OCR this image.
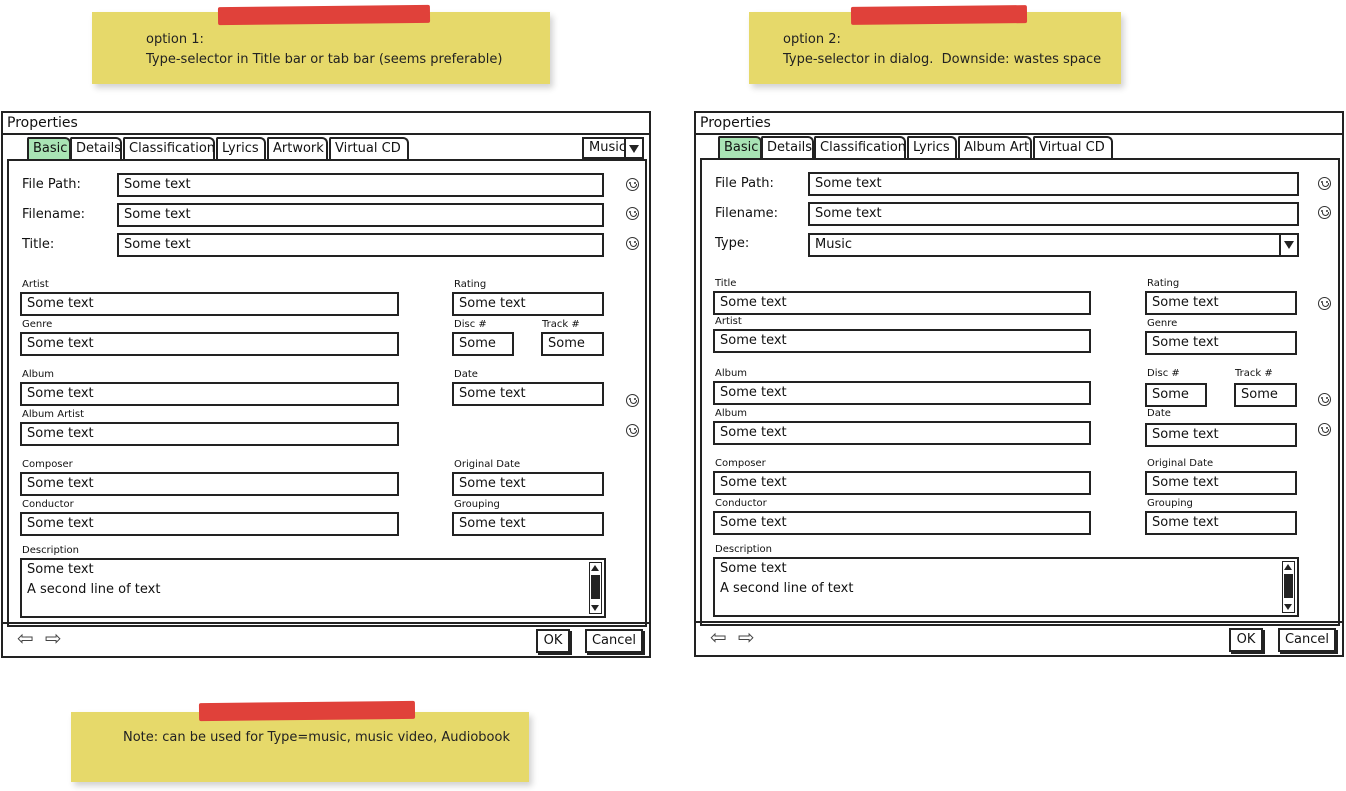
option 1:
Type-selector in Title bar or tab bar (seems preferable)
option 2:
Type-selector in dialog.  Downside: wastes space
Note: can be used for Type=music, music video, Audiobook
Properties
Basic Details Classification Lyrics	Artwork Virtual CD	Music
File Path:	Some text
Filename:	Some text
Title:	Some text
Artist
Some text
Genre
Some text
Album
Some text
Album Artist
Some text
Composer
Some text
Conductor
Some text
Rating
Some text
Disc #
Some
Track #
Some
Date
Some text
Original Date
Some text
Grouping
Some text
Description
Some text
A second line of text
⇦ ⇨	OK	Cancel
Properties
Basic Details Classification Lyrics	Album Art Virtual CD
File Path:	Some text
Filename:	Some text
Type:	Music
Title
Some text
Artist
Some text
Album
Some text
Album
Some text
Composer
Some text
Conductor
Some text
Rating
Some text
Genre
Some text
Disc #
Some
Track #
Some
Date
Some text
Original Date
Some text
Grouping
Some text
Description
Some text
A second line of text
⇦ ⇨	OK	Cancel
